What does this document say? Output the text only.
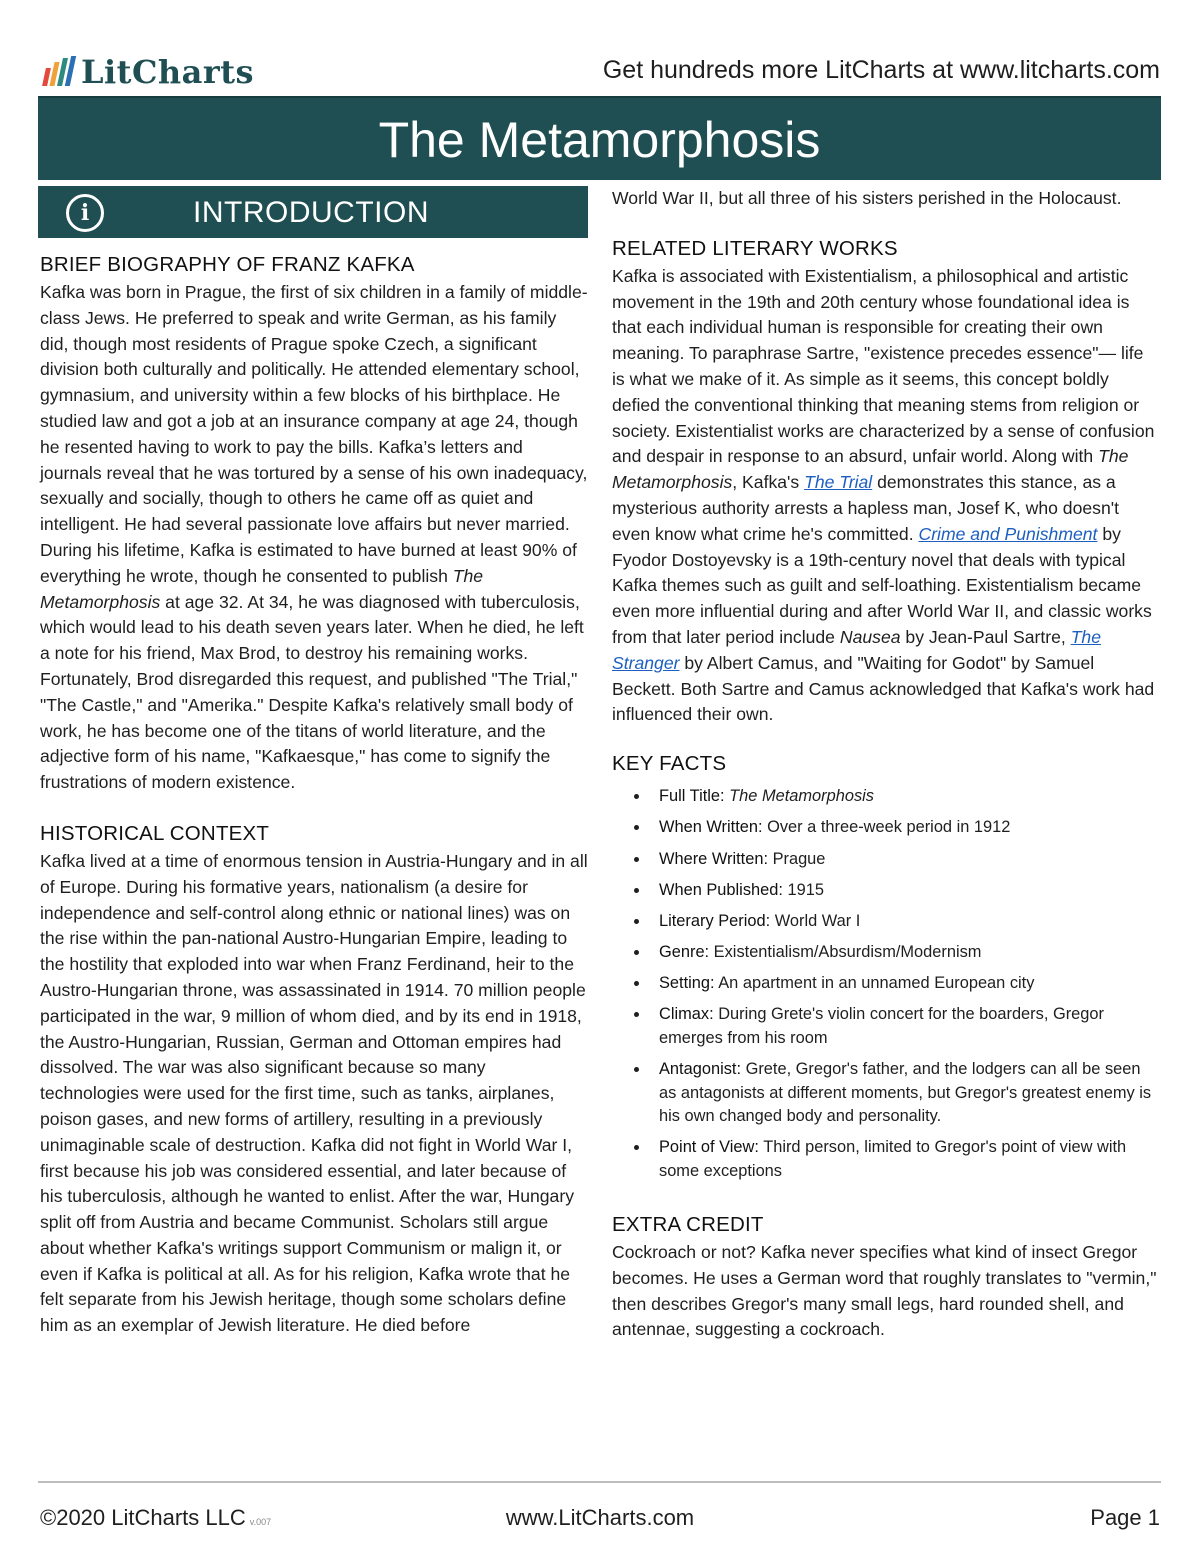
LitCharts	Get hundreds more LitCharts at www.litcharts.com
The Metamorphosis
i	INTRODUCTION
BRIEF BIOGRAPHY OF FRANZ KAFKA

Kafka was born in Prague, the first of six children in a family of middle-class Jews. He preferred to speak and write German, as his family did, though most residents of Prague spoke Czech, a significant division both culturally and politically. He attended elementary school, gymnasium, and university within a few blocks of his birthplace. He studied law and got a job at an insurance company at age 24, though he resented having to work to pay the bills. Kafka’s letters and journals reveal that he was tortured by a sense of his own inadequacy, sexually and socially, though to others he came off as quiet and intelligent. He had several passionate love affairs but never married. During his lifetime, Kafka is estimated to have burned at least 90% of everything he wrote, though he consented to publish The Metamorphosis at age 32. At 34, he was diagnosed with tuberculosis, which would lead to his death seven years later. When he died, he left a note for his friend, Max Brod, to destroy his remaining works. Fortunately, Brod disregarded this request, and published "The Trial," "The Castle," and "Amerika." Despite Kafka's relatively small body of work, he has become one of the titans of world literature, and the adjective form of his name, "Kafkaesque," has come to signify the frustrations of modern existence.

HISTORICAL CONTEXT

Kafka lived at a time of enormous tension in Austria-Hungary and in all of Europe. During his formative years, nationalism (a desire for independence and self-control along ethnic or national lines) was on the rise within the pan-national Austro-Hungarian Empire, leading to the hostility that exploded into war when Franz Ferdinand, heir to the Austro-Hungarian throne, was assassinated in 1914. 70 million people participated in the war, 9 million of whom died, and by its end in 1918, the Austro-Hungarian, Russian, German and Ottoman empires had dissolved. The war was also significant because so many technologies were used for the first time, such as tanks, airplanes, poison gases, and new forms of artillery, resulting in a previously unimaginable scale of destruction. Kafka did not fight in World War I, first because his job was considered essential, and later because of his tuberculosis, although he wanted to enlist. After the war, Hungary split off from Austria and became Communist. Scholars still argue about whether Kafka's writings support Communism or malign it, or even if Kafka is political at all. As for his religion, Kafka wrote that he felt separate from his Jewish heritage, though some scholars define him as an exemplar of Jewish literature. He died before

World War II, but all three of his sisters perished in the Holocaust.

RELATED LITERARY WORKS

Kafka is associated with Existentialism, a philosophical and artistic movement in the 19th and 20th century whose foundational idea is that each individual human is responsible for creating their own meaning. To paraphrase Sartre, "existence precedes essence"— life is what we make of it. As simple as it seems, this concept boldly defied the conventional thinking that meaning stems from religion or society. Existentialist works are characterized by a sense of confusion and despair in response to an absurd, unfair world. Along with The Metamorphosis, Kafka's The Trial demonstrates this stance, as a mysterious authority arrests a hapless man, Josef K, who doesn't even know what crime he's committed. Crime and Punishment by Fyodor Dostoyevsky is a 19th-century novel that deals with typical Kafka themes such as guilt and self-loathing. Existentialism became even more influential during and after World War II, and classic works from that later period include Nausea by Jean-Paul Sartre, The Stranger by Albert Camus, and "Waiting for Godot" by Samuel Beckett. Both Sartre and Camus acknowledged that Kafka's work had influenced their own.

KEY FACTS
Full Title: The Metamorphosis
When Written: Over a three-week period in 1912
Where Written: Prague
When Published: 1915
Literary Period: World War I
Genre: Existentialism/Absurdism/Modernism
Setting: An apartment in an unnamed European city
Climax: During Grete's violin concert for the boarders, Gregor emerges from his room
Antagonist: Grete, Gregor's father, and the lodgers can all be seen as antagonists at different moments, but Gregor's greatest enemy is his own changed body and personality.
Point of View: Third person, limited to Gregor's point of view with some exceptions
EXTRA CREDIT

Cockroach or not? Kafka never specifies what kind of insect Gregor becomes. He uses a German word that roughly translates to "vermin," then describes Gregor's many small legs, hard rounded shell, and antennae, suggesting a cockroach.

©2020 LitCharts LLC v.007	www.LitCharts.com	Page 1
